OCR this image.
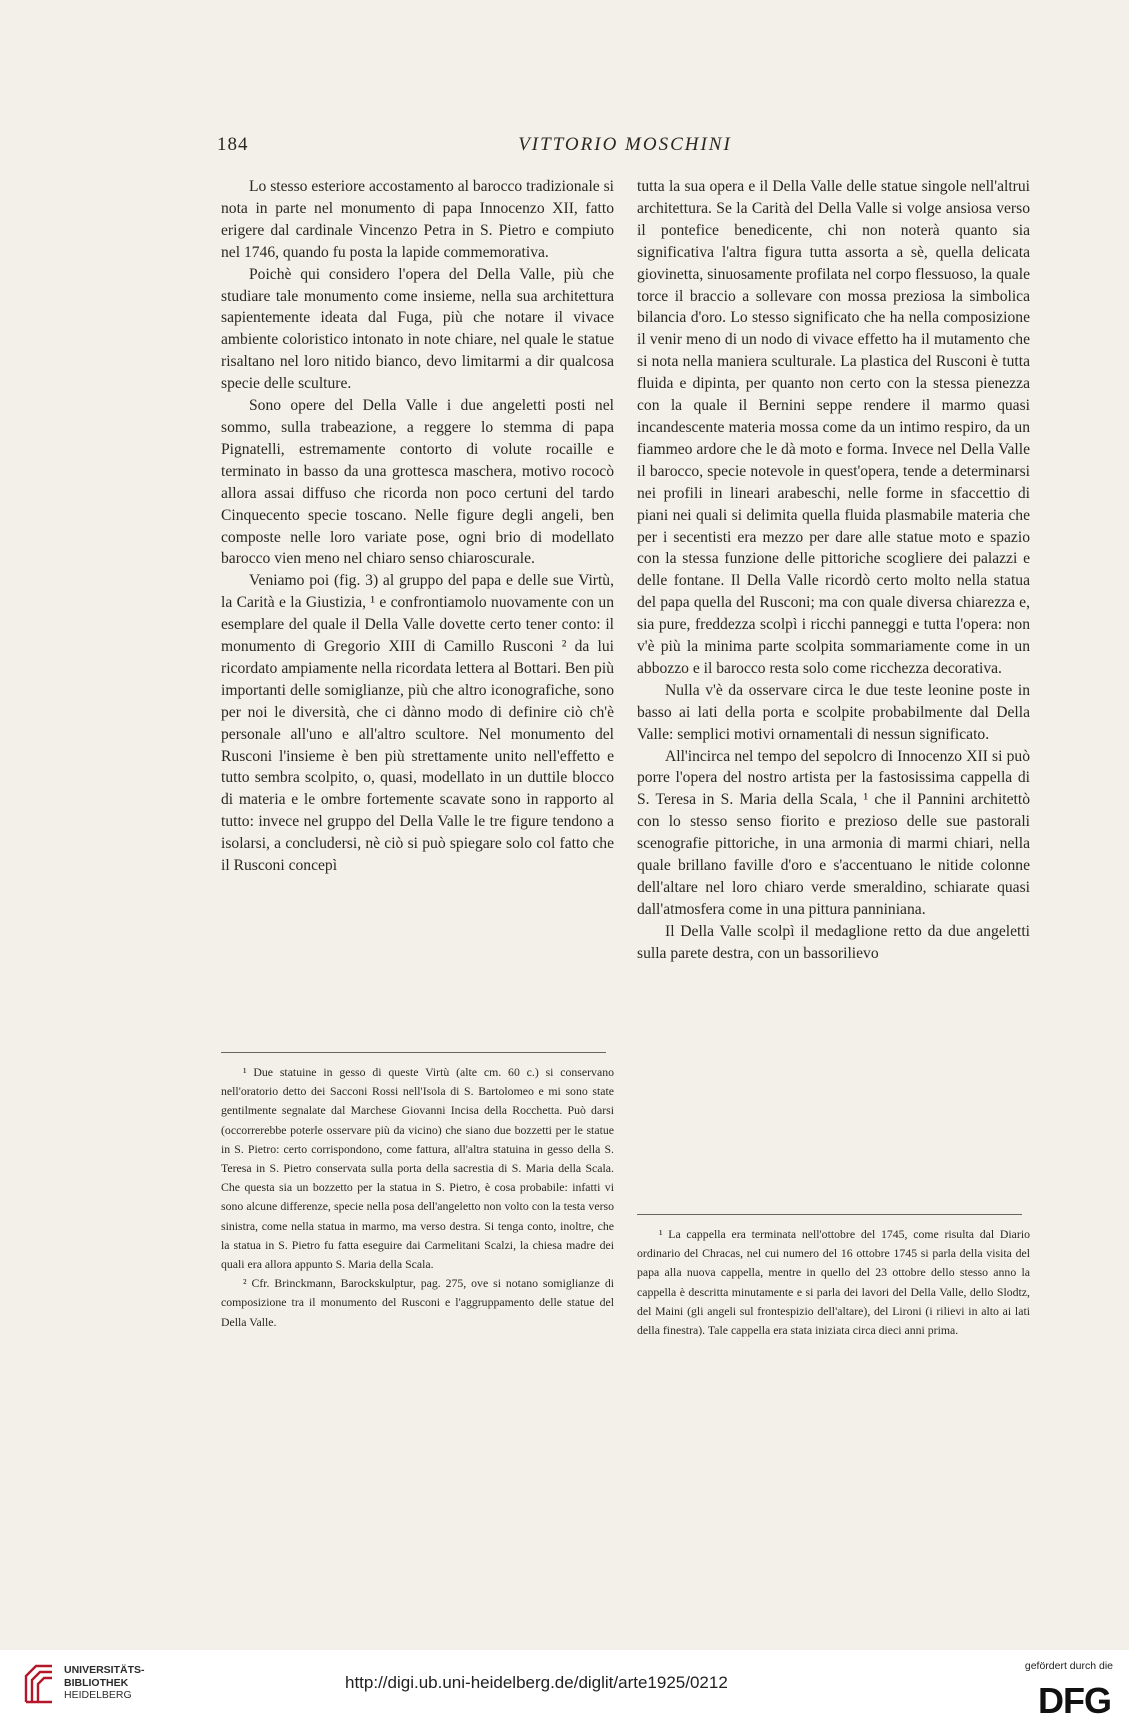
184	VITTORIO MOSCHINI

Lo stesso esteriore accostamento al barocco tradizionale si nota in parte nel monumento di papa Innocenzo XII, fatto erigere dal cardinale Vincenzo Petra in S. Pietro e compiuto nel 1746, quando fu posta la lapide commemorativa.

Poichè qui considero l'opera del Della Valle, più che studiare tale monumento come insieme, nella sua architettura sapientemente ideata dal Fuga, più che notare il vivace ambiente coloristico intonato in note chiare, nel quale le statue risaltano nel loro nitido bianco, devo limitarmi a dir qualcosa specie delle sculture.

Sono opere del Della Valle i due angeletti posti nel sommo, sulla trabeazione, a reggere lo stemma di papa Pignatelli, estremamente contorto di volute rocaille e terminato in basso da una grottesca maschera, motivo rococò allora assai diffuso che ricorda non poco certuni del tardo Cinquecento specie toscano. Nelle figure degli angeli, ben composte nelle loro variate pose, ogni brio di modellato barocco vien meno nel chiaro senso chiaroscurale.

Veniamo poi (fig. 3) al gruppo del papa e delle sue Virtù, la Carità e la Giustizia, ¹ e confrontiamolo nuovamente con un esemplare del quale il Della Valle dovette certo tener conto: il monumento di Gregorio XIII di Camillo Rusconi ² da lui ricordato ampiamente nella ricordata lettera al Bottari. Ben più importanti delle somiglianze, più che altro iconografiche, sono per noi le diversità, che ci dànno modo di definire ciò ch'è personale all'uno e all'altro scultore. Nel monumento del Rusconi l'insieme è ben più strettamente unito nell'effetto e tutto sembra scolpito, o, quasi, modellato in un duttile blocco di materia e le ombre fortemente scavate sono in rapporto al tutto: invece nel gruppo del Della Valle le tre figure tendono a isolarsi, a concludersi, nè ciò si può spiegare solo col fatto che il Rusconi concepì

tutta la sua opera e il Della Valle delle statue singole nell'altrui architettura. Se la Carità del Della Valle si volge ansiosa verso il pontefice benedicente, chi non noterà quanto sia significativa l'altra figura tutta assorta a sè, quella delicata giovinetta, sinuosamente profilata nel corpo flessuoso, la quale torce il braccio a sollevare con mossa preziosa la simbolica bilancia d'oro. Lo stesso significato che ha nella composizione il venir meno di un nodo di vivace effetto ha il mutamento che si nota nella maniera sculturale. La plastica del Rusconi è tutta fluida e dipinta, per quanto non certo con la stessa pienezza con la quale il Bernini seppe rendere il marmo quasi incandescente materia mossa come da un intimo respiro, da un fiammeo ardore che le dà moto e forma. Invece nel Della Valle il barocco, specie notevole in quest'opera, tende a determinarsi nei profili in lineari arabeschi, nelle forme in sfaccettio di piani nei quali si delimita quella fluida plasmabile materia che per i secentisti era mezzo per dare alle statue moto e spazio con la stessa funzione delle pittoriche scogliere dei palazzi e delle fontane. Il Della Valle ricordò certo molto nella statua del papa quella del Rusconi; ma con quale diversa chiarezza e, sia pure, freddezza scolpì i ricchi panneggi e tutta l'opera: non v'è più la minima parte scolpita sommariamente come in un abbozzo e il barocco resta solo come ricchezza decorativa.

Nulla v'è da osservare circa le due teste leonine poste in basso ai lati della porta e scolpite probabilmente dal Della Valle: semplici motivi ornamentali di nessun significato.

All'incirca nel tempo del sepolcro di Innocenzo XII si può porre l'opera del nostro artista per la fastosissima cappella di S. Teresa in S. Maria della Scala, ¹ che il Pannini architettò con lo stesso senso fiorito e prezioso delle sue pastorali scenografie pittoriche, in una armonia di marmi chiari, nella quale brillano faville d'oro e s'accentuano le nitide colonne dell'altare nel loro chiaro verde smeraldino, schiarate quasi dall'atmosfera come in una pittura panniniana.

Il Della Valle scolpì il medaglione retto da due angeletti sulla parete destra, con un bassorilievo

¹ Due statuine in gesso di queste Virtù (alte cm. 60 c.) si conservano nell'oratorio detto dei Sacconi Rossi nell'Isola di S. Bartolomeo e mi sono state gentilmente segnalate dal Marchese Giovanni Incisa della Rocchetta. Può darsi (occorrerebbe poterle osservare più da vicino) che siano due bozzetti per le statue in S. Pietro: certo corrispondono, come fattura, all'altra statuina in gesso della S. Teresa in S. Pietro conservata sulla porta della sacrestia di S. Maria della Scala. Che questa sia un bozzetto per la statua in S. Pietro, è cosa probabile: infatti vi sono alcune differenze, specie nella posa dell'angeletto non volto con la testa verso sinistra, come nella statua in marmo, ma verso destra. Si tenga conto, inoltre, che la statua in S. Pietro fu fatta eseguire dai Carmelitani Scalzi, la chiesa madre dei quali era allora appunto S. Maria della Scala.

² Cfr. Brinckmann, Barockskulptur, pag. 275, ove si notano somiglianze di composizione tra il monumento del Rusconi e l'aggruppamento delle statue del Della Valle.

¹ La cappella era terminata nell'ottobre del 1745, come risulta dal Diario ordinario del Chracas, nel cui numero del 16 ottobre 1745 si parla della visita del papa alla nuova cappella, mentre in quello del 23 ottobre dello stesso anno la cappella è descritta minutamente e si parla dei lavori del Della Valle, dello Slodtz, del Maini (gli angeli sul frontespizio dell'altare), del Lironi (i rilievi in alto ai lati della finestra). Tale cappella era stata iniziata circa dieci anni prima.

UNIVERSITÄTS-
BIBLIOTHEK
HEIDELBERG
http://digi.ub.uni-heidelberg.de/diglit/arte1925/0212
gefördert durch die
DFG
